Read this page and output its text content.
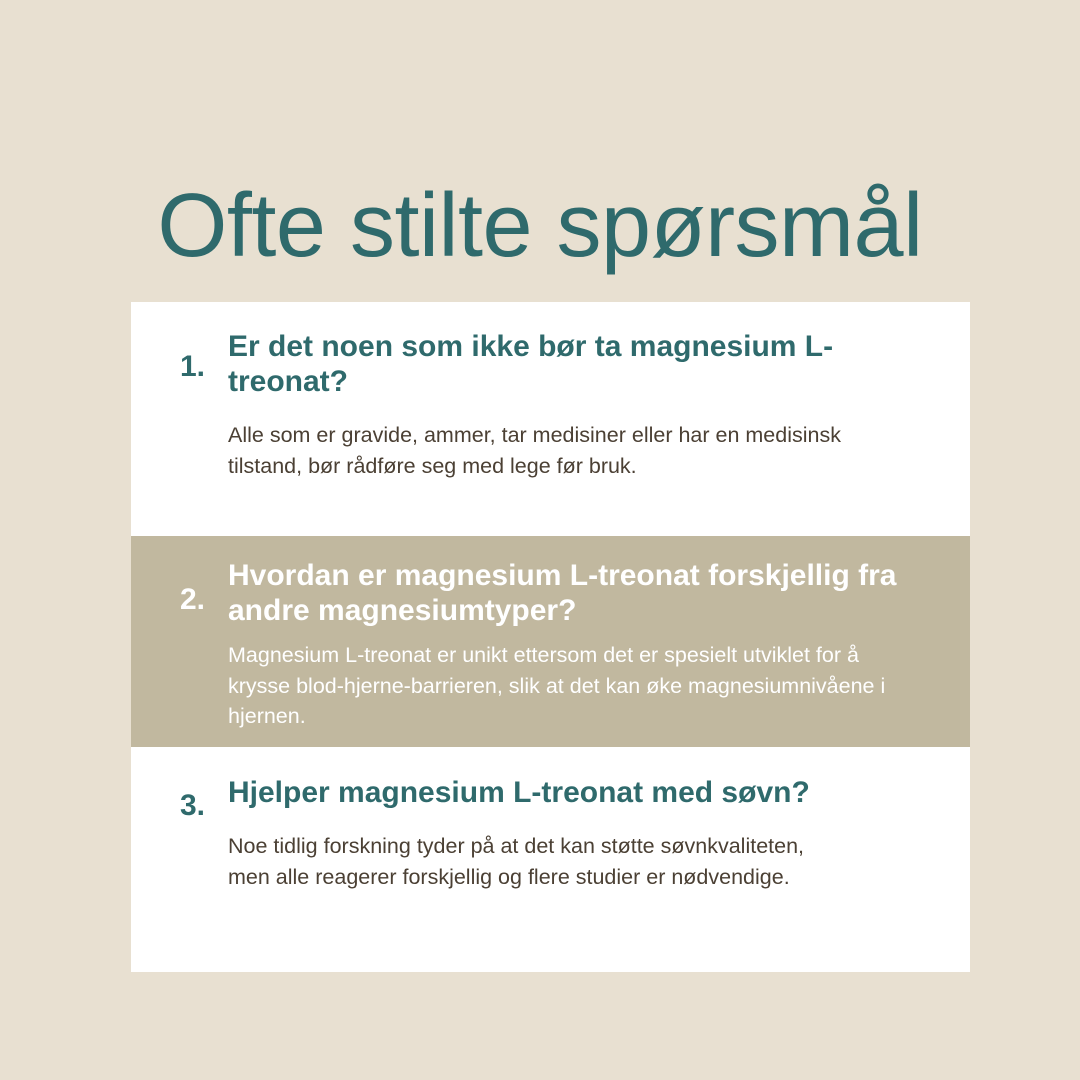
Ofte stilte spørsmål
1.

Er det noen som ikke bør ta magnesium L-treonat?

Alle som er gravide, ammer, tar medisiner eller har en medisinsk tilstand, bør rådføre seg med lege før bruk.

2.

Hvordan er magnesium L-treonat forskjellig fra andre magnesiumtyper?

Magnesium L-treonat er unikt ettersom det er spesielt utviklet for å krysse blod-hjerne-barrieren, slik at det kan øke magnesiumnivåene i hjernen.

3. Hjelper magnesium L-treonat med søvn?

Noe tidlig forskning tyder på at det kan støtte søvnkvaliteten, men alle reagerer forskjellig og flere studier er nødvendige.
